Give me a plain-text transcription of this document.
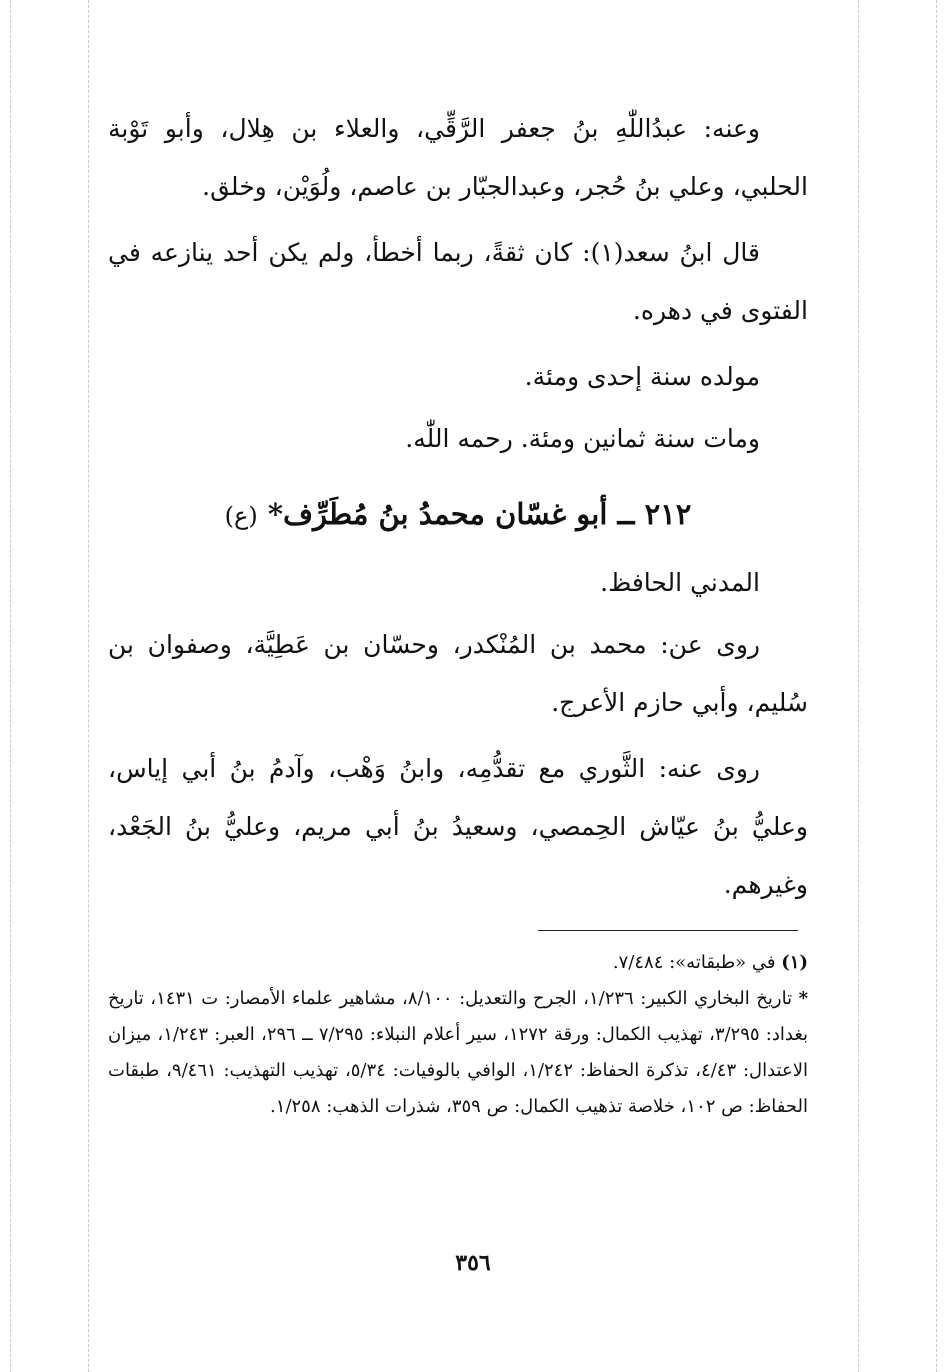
وعنه: عبدُاللّٰهِ بنُ جعفر الرَّقِّي، والعلاء بن هِلال، وأبو تَوْبة الحلبي، وعلي بنُ حُجر، وعبدالجبّار بن عاصم، ولُوَيْن، وخلق.

قال ابنُ سعد(١): كان ثقةً، ربما أخطأ، ولم يكن أحد ينازعه في الفتوى في دهره.

مولده سنة إحدى ومئة.

ومات سنة ثمانين ومئة. رحمه اللّٰه.

٢١٢ ــ أبو غسّان محمدُ بنُ مُطَرِّف* (ع)

المدني الحافظ.

روى عن: محمد بن المُنْكدر، وحسّان بن عَطِيَّة، وصفوان بن سُليم، وأبي حازم الأعرج.

روى عنه: الثَّوري مع تقدُّمِه، وابنُ وَهْب، وآدمُ بنُ أبي إياس، وعليُّ بنُ عيّاش الحِمصي، وسعيدُ بنُ أبي مريم، وعليُّ بنُ الجَعْد، وغيرهم.

(١) في «طبقاته»: ٧/٤٨٤.

* تاريخ البخاري الكبير: ١/٢٣٦، الجرح والتعديل: ٨/١٠٠، مشاهير علماء الأمصار: ت ١٤٣١، تاريخ بغداد: ٣/٢٩٥، تهذيب الكمال: ورقة ١٢٧٢، سير أعلام النبلاء: ٧/٢٩٥ ــ ٢٩٦، العبر: ١/٢٤٣، ميزان الاعتدال: ٤/٤٣، تذكرة الحفاظ: ١/٢٤٢، الوافي بالوفيات: ٥/٣٤، تهذيب التهذيب: ٩/٤٦١، طبقات الحفاظ: ص ١٠٢، خلاصة تذهيب الكمال: ص ٣٥٩، شذرات الذهب: ١/٢٥٨.

٣٥٦
